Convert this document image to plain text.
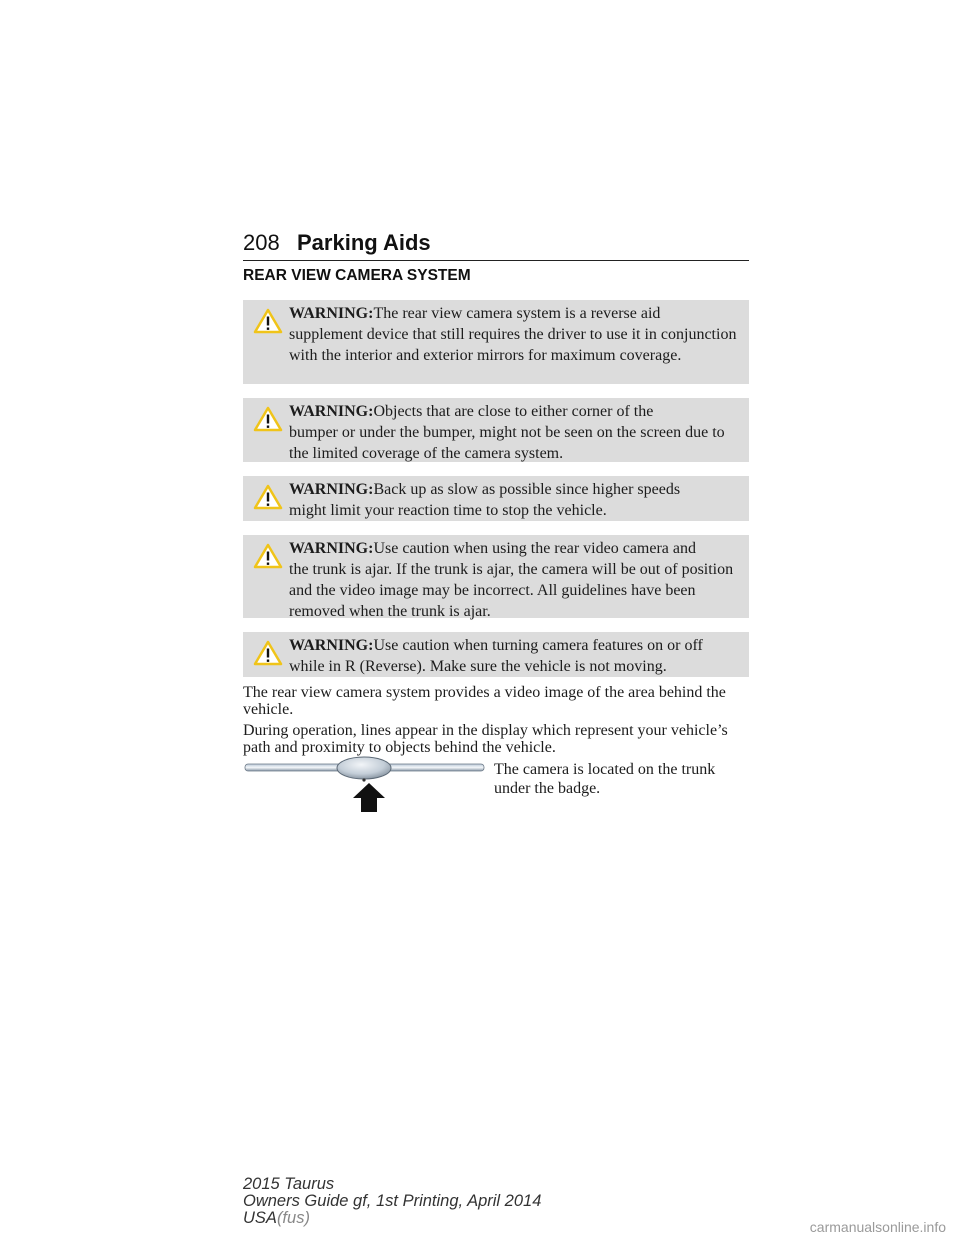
208 Parking Aids
REAR VIEW CAMERA SYSTEM
WARNING:The rear view camera system is a reverse aid
supplement device that still requires the driver to use it in conjunction with the interior and exterior mirrors for maximum coverage.
WARNING:Objects that are close to either corner of the
bumper or under the bumper, might not be seen on the screen due to the limited coverage of the camera system.
WARNING:Back up as slow as possible since higher speeds
might limit your reaction time to stop the vehicle.
WARNING:Use caution when using the rear video camera and
the trunk is ajar. If the trunk is ajar, the camera will be out of position and the video image may be incorrect. All guidelines have been removed when the trunk is ajar.
WARNING:Use caution when turning camera features on or off
while in R (Reverse). Make sure the vehicle is not moving.
The rear view camera system provides a video image of the area behind the vehicle.
During operation, lines appear in the display which represent your vehicle’s path and proximity to objects behind the vehicle.
The camera is located on the trunk under the badge.
2015 Taurus
Owners Guide gf, 1st Printing, April 2014
USA(fus)	carmanualsonline.info
